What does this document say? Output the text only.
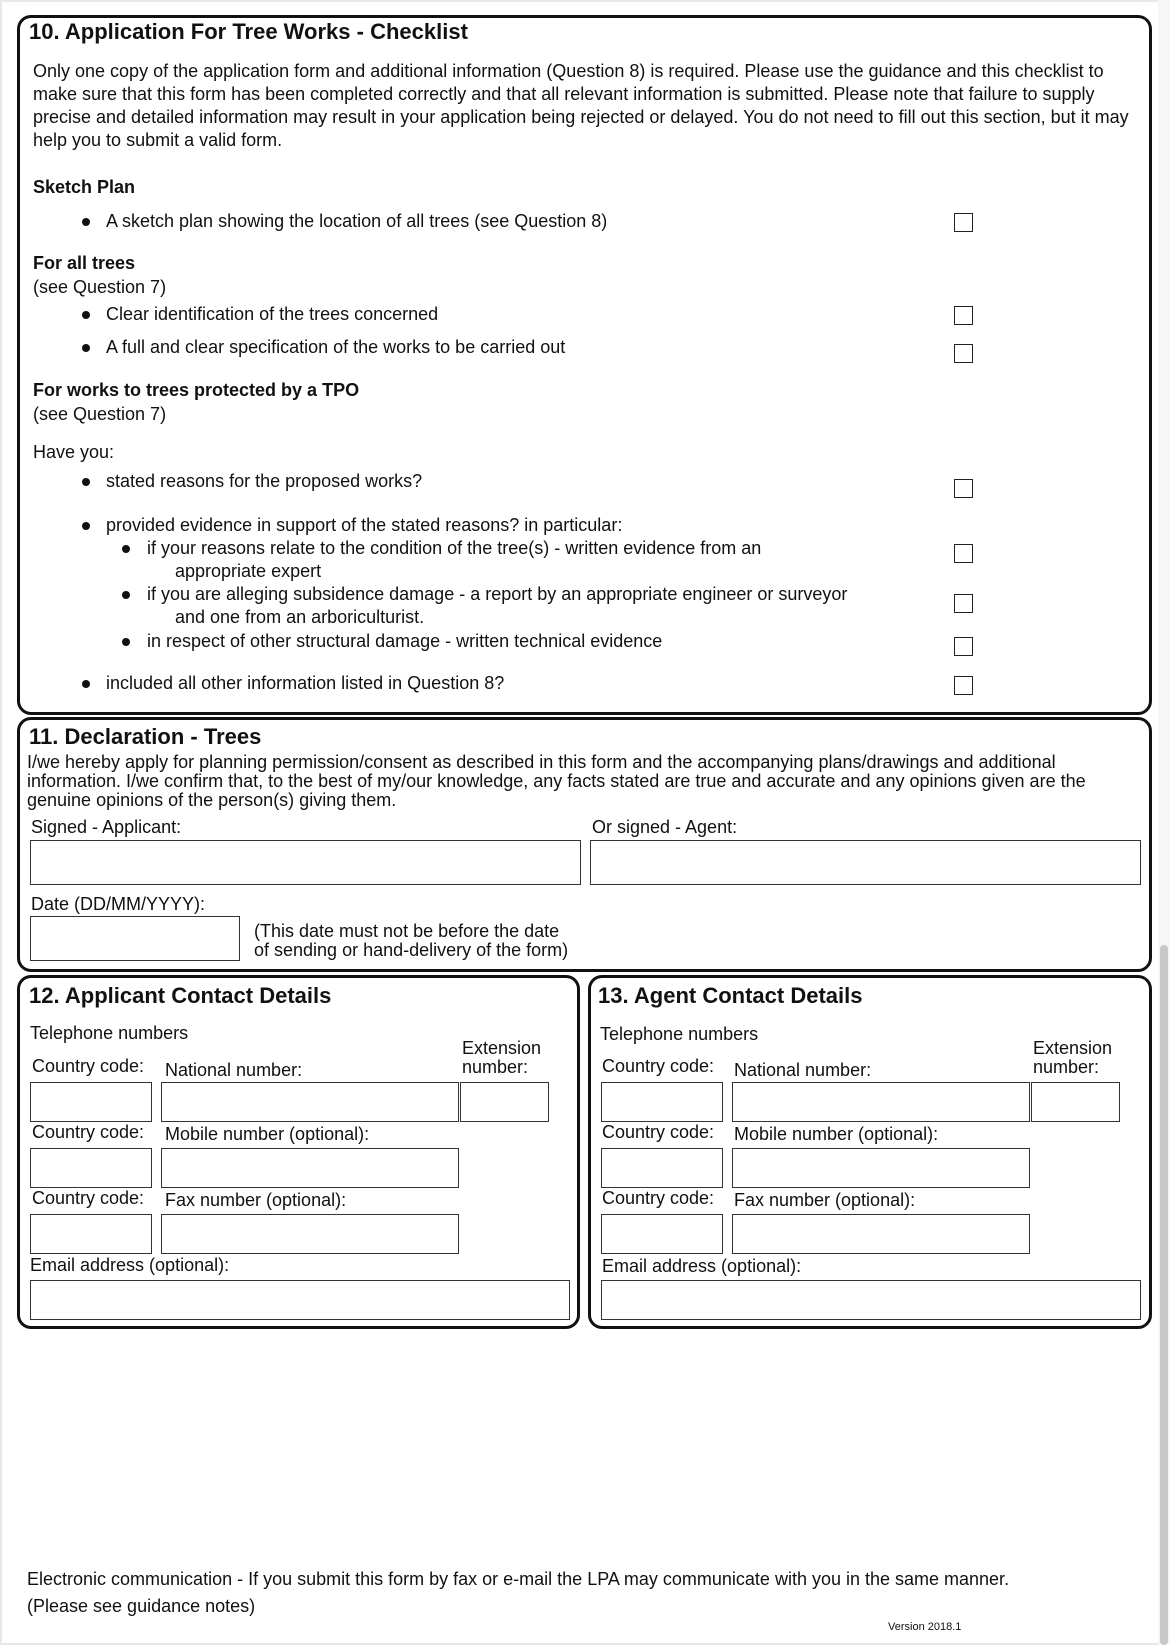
10. Application For Tree Works - Checklist
Only one copy of the application form and additional information (Question 8) is required. Please use the guidance and this checklist to make sure that this form has been completed correctly and that all relevant information is submitted. Please note that failure to supply precise and detailed information may result in your application being rejected or delayed. You do not need to fill out this section, but it may help you to submit a valid form.
Sketch Plan
A sketch plan showing the location of all trees (see Question 8)
For all trees
(see Question 7)
Clear identification of the trees concerned
A full and clear specification of the works to be carried out
For works to trees protected by a TPO
(see Question 7)
Have you:
stated reasons for the proposed works?
provided evidence in support of the stated reasons? in particular:
if your reasons relate to the condition of the tree(s) - written evidence from an
appropriate expert
if you are alleging subsidence damage - a report by an appropriate engineer or surveyor
and one from an arboriculturist.
in respect of other structural damage - written technical evidence
included all other information listed in Question 8?
11. Declaration - Trees
I/we hereby apply for planning permission/consent as described in this form and the accompanying plans/drawings and additional information. I/we confirm that, to the best of my/our knowledge, any facts stated are true and accurate and any opinions given are the genuine opinions of the person(s) giving them.
Signed - Applicant:	Or signed - Agent:
Date (DD/MM/YYYY):
(This date must not be before the date
of sending or hand-delivery of the form)
12. Applicant Contact Details
Telephone numbers
Extension
number:
Country code: National number:
Country code: Mobile number (optional):
Country code: Fax number (optional):
Email address (optional):
13. Agent Contact Details
Telephone numbers
Extension
number:
Country code: National number:
Country code: Mobile number (optional):
Country code: Fax number (optional):
Email address (optional):
Electronic communication - If you submit this form by fax or e-mail the LPA may communicate with you in the same manner.
(Please see guidance notes)
Version 2018.1
